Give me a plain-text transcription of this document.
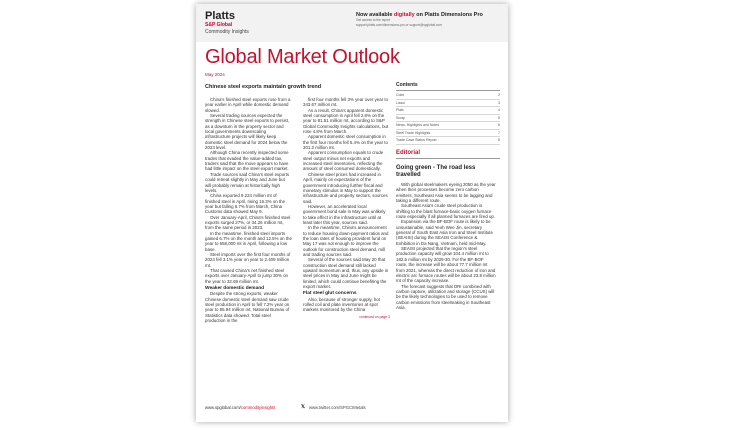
Platts
S&P Global
Commodity Insights
Now available digitally on Platts Dimensions Pro
Get access to the report
support.platts.com/dimensions-pro or support@spglobal.com
Global Market Outlook
May 2024
Chinese steel exports maintain growth trend

China's finished steel exports rose from a year earlier in April while domestic demand slowed.

Several trading sources expected the strength in Chinese steel exports to persist, as a downturn in the property sector and local governments downscaling infrastructure projects will likely keep domestic steel demand for 2024 below the 2023 level.

Although China recently inspected some trades that evaded the value-added tax, traders said that the move appears to have had little impact on the steel export market.

Trade sources said China's steel exports could retreat slightly in May and June but will probably remain at historically high levels.

China exported 9.224 million mt of finished steel in April, rising 16.3% on the year but falling 6.7% from March, China Customs data showed May 9.

Over January-April, China's finished steel exports surged 27%, or 34.26 million mt, from the same period in 2023.

In the meantime, finished steel imports gained 6.7% on the month and 12.5% on the year to 658,000 mt in April, following a low base.

Steel imports over the first four months of 2024 fell 3.1% year on year to 2.409 million mt.

That caused China's net finished steel exports over January-April to jump 30% on the year to 32.69 million mt.

Weaker domestic demand

Despite the strong exports, weaker Chinese domestic steel demand saw crude steel production in April to fell 7.2% year on year to 85.94 million mt, National Bureau of Statistics data showed. Total steel production in the

first four months fell 3% year over year to 343.67 million mt.

As a result, China's apparent domestic steel consumption in April fell 2.8% on the year to 81.51 million mt, according to S&P Global Commodity Insights calculations, but rose 4.8% from March.

Apparent domestic steel consumption in the first four months fell 5.4% on the year to 301.3 million mt.

Apparent consumption equals to crude steel output minus net exports and increased steel inventories, reflecting the amount of steel consumed domestically.

Chinese steel prices had increased in April, mainly on expectations of the government introducing further fiscal and monetary stimulus in May to support the infrastructure and property sectors, sources said.

However, an accelerated local government bond sale in May was unlikely to take effect in the infrastructure until at least later this year, sources said.

In the meantime, China's announcement to reduce housing down-payment ratios and the loan rates of housing provident fund on May 17 was not enough to improve the outlook for construction steel demand, mill and trading sources said.

Several of the sources said May 20 that construction steel demand still lacked upward momentum and, thus, any upside in steel prices in May and June might be limited, which could continue benefiting the export market.

Flat steel glut concerns

Also, because of stronger supply, hot rolled coil and plate inventories at spot markets monitored by the China

continued on page 3
Contents
Coke	2
Lissoi	3
Plats	4
Scrap	5
News, Highlights and Notes	6
Steel Trade Highlights	7
Trade Case Status Report	8
Editorial
Going green - The road less travelled

With global steelmakers eyeing 2050 as the year when their processes become zero carbon emitters, Southeast Asia seems to be lagging and taking a different route.

Southeast Asia's crude steel production is shifting to the blast furnace-basic oxygen furnace route especially if all planned furnaces are fired up.

Expansion via the BF-BOF route is likely to be unsustainable, said Yeoh Wee Jin, secretary general of South East Asia Iron and Steel Institute (SEAISI) during the SEAISI Conference & Exhibition in Da Nang, Vietnam, held mid-May.

SEAISI projected that the region's steel production capacity will grow 104.4 million mt to 182.5 million mt by 2029-30. For the BF-BOF route, the increase will be about 77.7 million mt from 2021, whereas the direct reduction of iron and electric arc furnace routes will be about 23.8 million mt of the capacity increase.

The forecast suggests that DRI combined with carbon capture, utilization and storage (CCUS) will be the likely technologies to be used to remove carbon emissions from steelmaking in Southeast Asia.

www.spglobal.com/commodityinsights	𝕏 www.twitter.com/SPGCIMetals
